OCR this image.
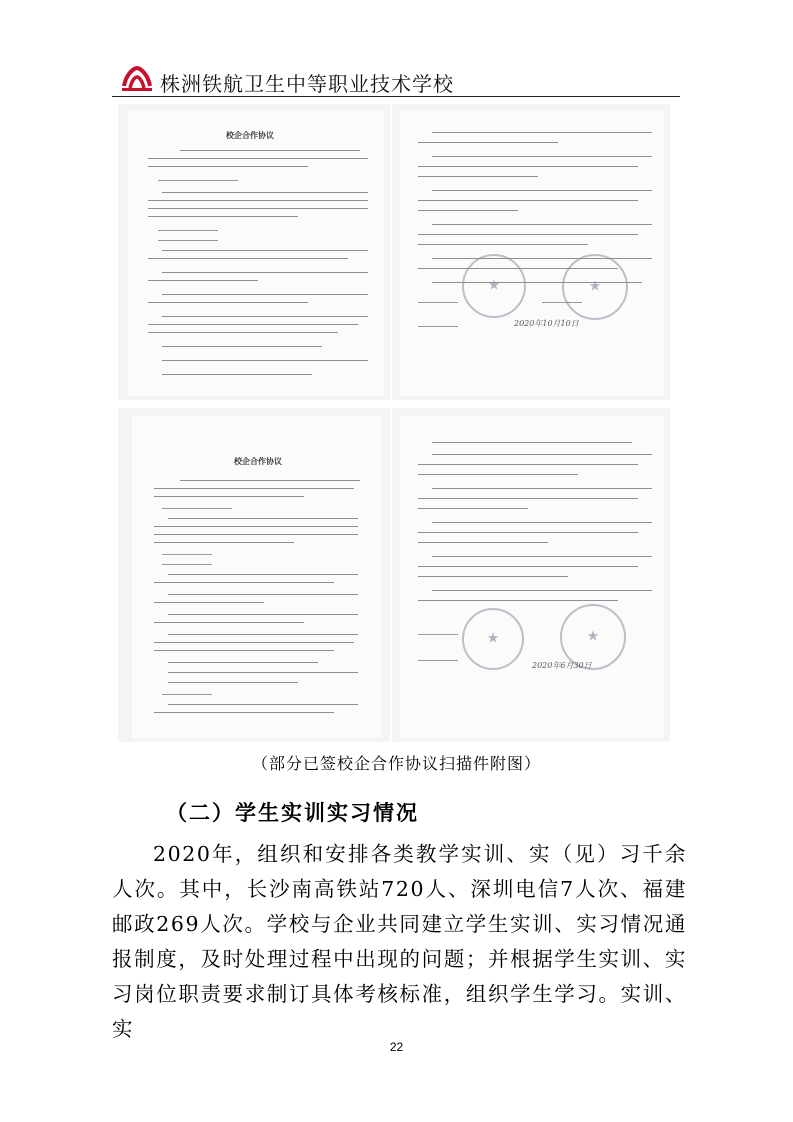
株洲铁航卫生中等职业技术学校
校企合作协议
★
★
2020年10月10日
校企合作协议
★
★
2020年6月30日
（部分已签校企合作协议扫描件附图）
（二）学生实训实习情况

2020年，组织和安排各类教学实训、实（见）习千余人次。其中，长沙南高铁站720人、深圳电信7人次、福建邮政269人次。学校与企业共同建立学生实训、实习情况通报制度，及时处理过程中出现的问题；并根据学生实训、实习岗位职责要求制订具体考核标准，组织学生学习。实训、实

22
